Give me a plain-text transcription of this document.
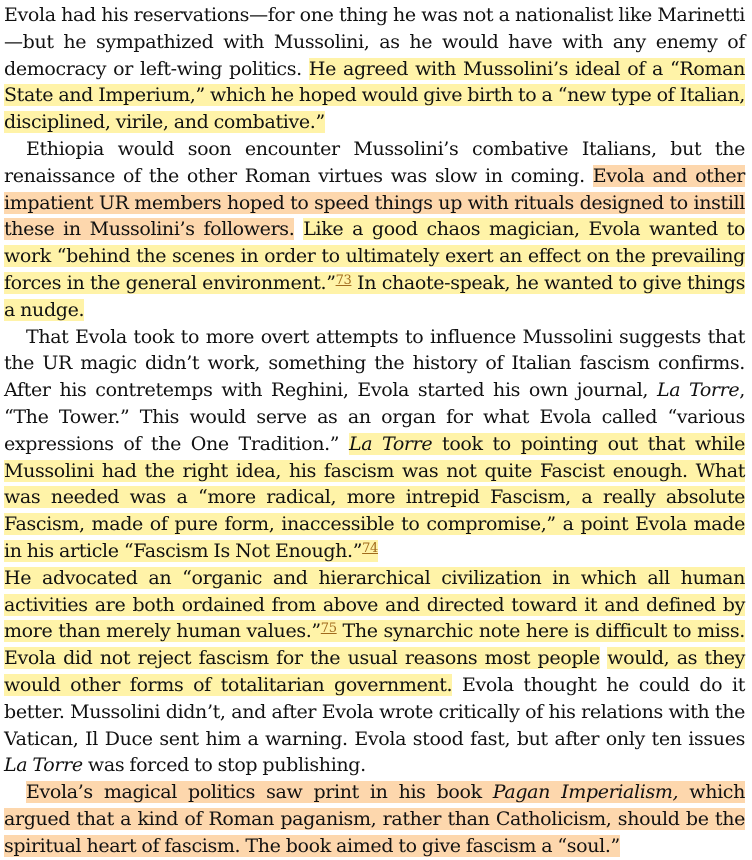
Evola had his reservations—for one thing he was not a nationalist like Marinetti—but he sympathized with Mussolini, as he would have with any enemy of democracy or left-wing politics. He agreed with Mussolini’s ideal of a “Roman State and Imperium,” which he hoped would give birth to a “new type of Italian, disciplined, virile, and combative.”

Ethiopia would soon encounter Mussolini’s combative Italians, but the renaissance of the other Roman virtues was slow in coming. Evola and other impatient UR members hoped to speed things up with rituals designed to instill these in Mussolini’s followers. Like a good chaos magician, Evola wanted to work “behind the scenes in order to ultimately exert an effect on the prevailing forces in the general environment.”$^{73}$ In chaote-speak, he wanted to give things a nudge.

That Evola took to more overt attempts to influence Mussolini suggests that the UR magic didn’t work, something the history of Italian fascism confirms. After his contretemps with Reghini, Evola started his own journal, La Torre, “The Tower.” This would serve as an organ for what Evola called “various expressions of the One Tradition.” La Torre took to pointing out that while Mussolini had the right idea, his fascism was not quite Fascist enough. What was needed was a “more radical, more intrepid Fascism, a really absolute Fascism, made of pure form, inaccessible to compromise,” a point Evola made in his article “Fascism Is Not Enough.”$^{74}$

He advocated an “organic and hierarchical civilization in which all human activities are both ordained from above and directed toward it and defined by more than merely human values.”$^{75}$ The synarchic note here is difficult to miss. Evola did not reject fascism for the usual reasons most people would, as they would other forms of totalitarian government. Evola thought he could do it better. Mussolini didn’t, and after Evola wrote critically of his relations with the Vatican, Il Duce sent him a warning. Evola stood fast, but after only ten issues La Torre was forced to stop publishing.

Evola’s magical politics saw print in his book Pagan Imperialism, which argued that a kind of Roman paganism, rather than Catholicism, should be the spiritual heart of fascism. The book aimed to give fascism a “soul.”
